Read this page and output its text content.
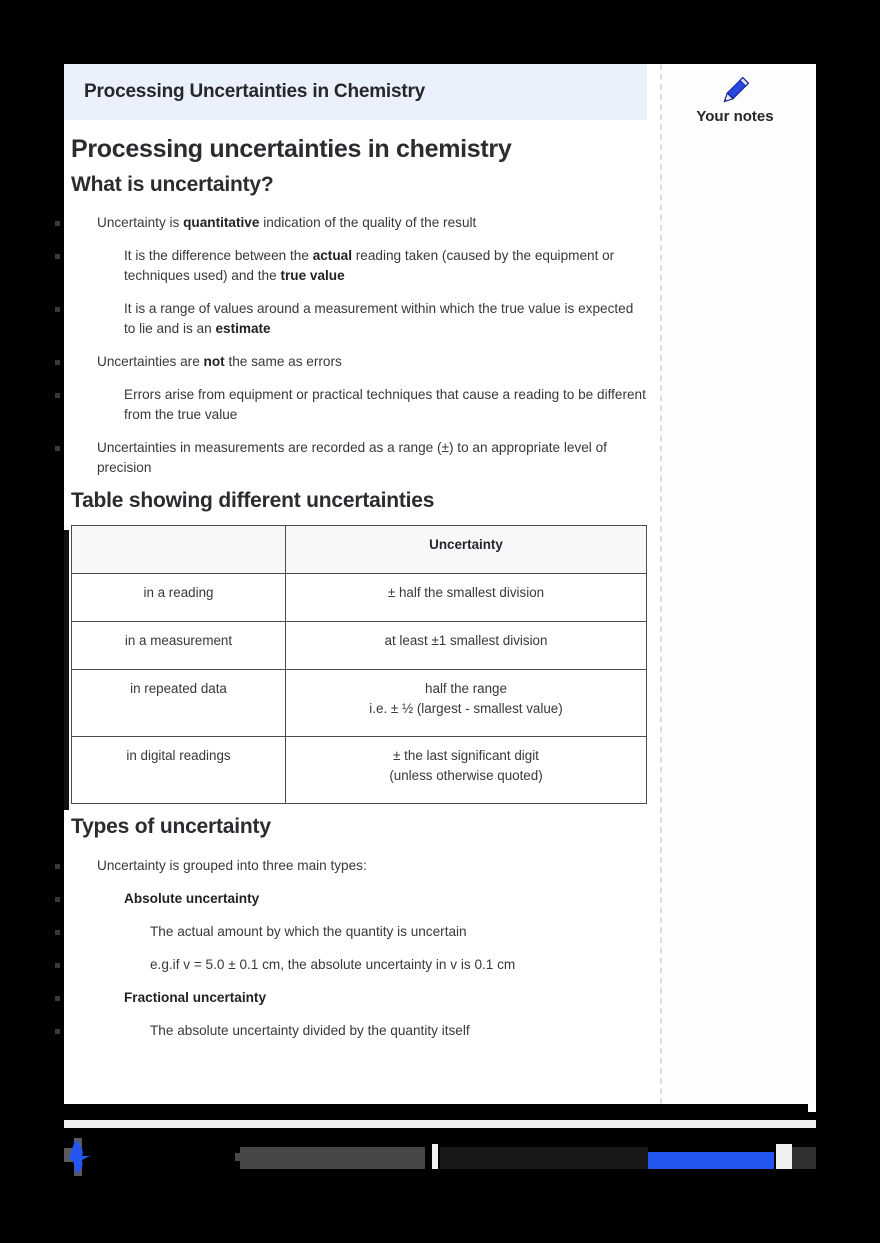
Processing Uncertainties in Chemistry
Processing uncertainties in chemistry
What is uncertainty?
Uncertainty is quantitative indication of the quality of the result
It is the difference between the actual reading taken (caused by the equipment or techniques used) and the true value
It is a range of values around a measurement within which the true value is expected to lie and is an estimate
Uncertainties are not the same as errors
Errors arise from equipment or practical techniques that cause a reading to be different from the true value
Uncertainties in measurements are recorded as a range (±) to an appropriate level of precision
Table showing different uncertainties
	Uncertainty
in a reading	± half the smallest division

in a measurement	at least ±1 smallest division

in repeated data	half the range
i.e. ± ½ (largest - smallest value)

in digital readings	± the last significant digit
(unless otherwise quoted)
Types of uncertainty
Uncertainty is grouped into three main types:
Absolute uncertainty
The actual amount by which the quantity is uncertain
e.g.if v = 5.0 ± 0.1 cm, the absolute uncertainty in v is 0.1 cm
Fractional uncertainty
The absolute uncertainty divided by the quantity itself
Your notes
